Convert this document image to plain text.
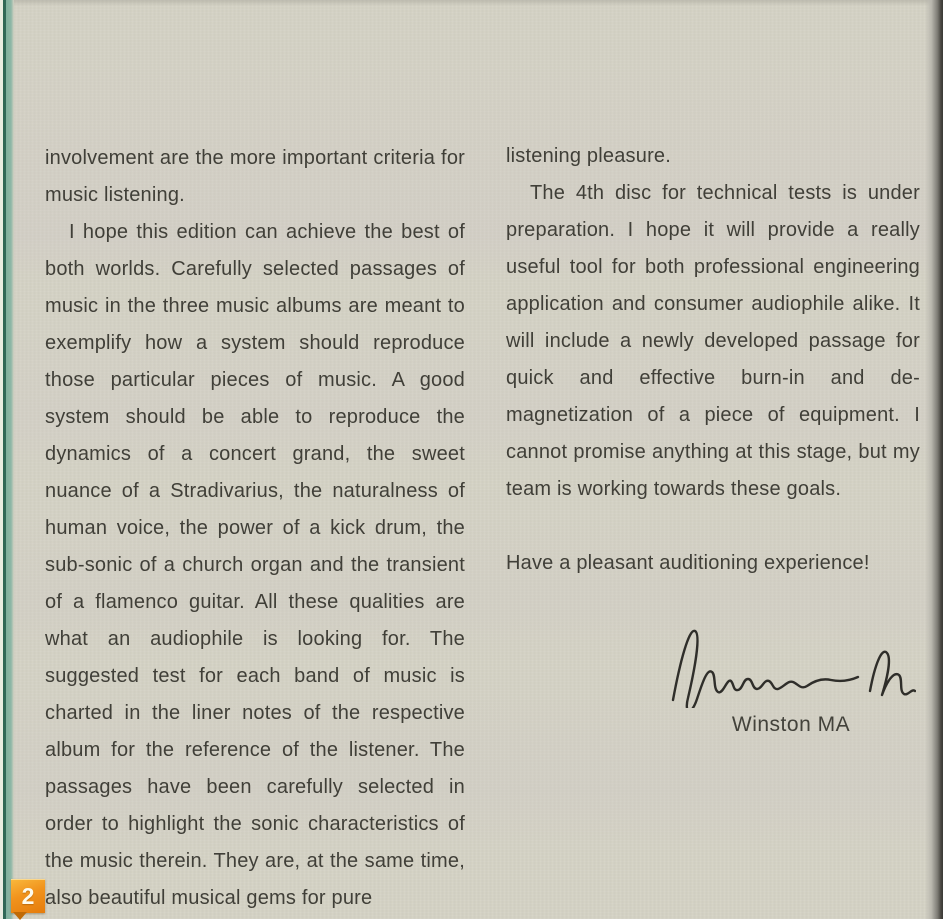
involvement are the more important criteria for music listening.

I hope this edition can achieve the best of both worlds. Carefully selected passages of music in the three music albums are meant to exemplify how a system should reproduce those particular pieces of music. A good system should be able to reproduce the dynamics of a concert grand, the sweet nuance of a Stradivarius, the naturalness of human voice, the power of a kick drum, the sub-sonic of a church organ and the transient of a flamenco guitar. All these qualities are what an audiophile is looking for. The suggested test for each band of music is charted in the liner notes of the respective album for the reference of the listener. The passages have been carefully selected in order to highlight the sonic characteristics of the music therein. They are, at the same time, also beautiful musical gems for pure

listening pleasure.

The 4th disc for technical tests is under preparation. I hope it will provide a really useful tool for both professional engineering application and consumer audiophile alike. It will include a newly developed passage for quick and effective burn-in and de-magnetization of a piece of equipment. I cannot promise anything at this stage, but my team is working towards these goals.

Have a pleasant auditioning experience!

Winston MA
2
